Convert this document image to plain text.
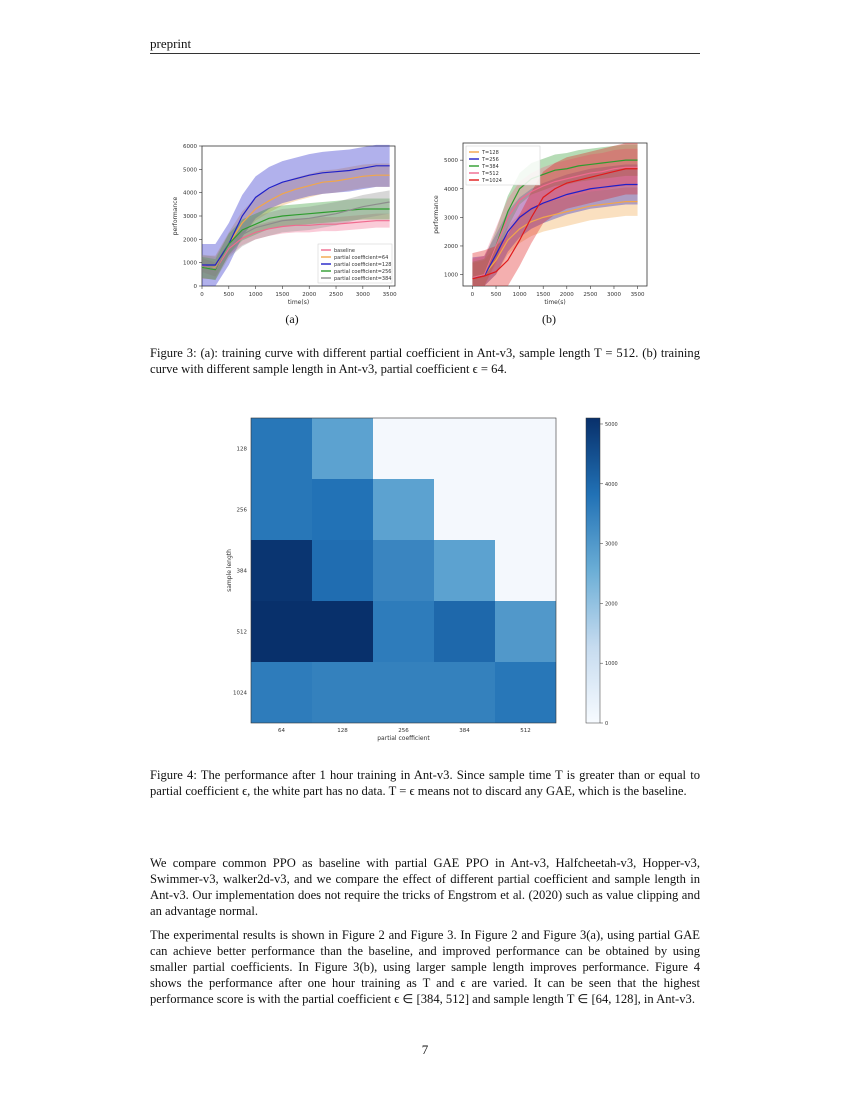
preprint
0	500	1000 1500 2000 2500 3000 3500
0
1000
2000
3000
4000
5000
6000
time(s)
performance
baseline
partial coefficient=64
partial coefficient=128
partial coefficient=256
partial coefficient=384
(a)
0	500 1000 1500 2000 2500 3000 3500
1000
2000
3000
4000
5000
time(s)
performance
T=128
T=256
T=384
T=512
T=1024
(b)
Figure 3: (a): training curve with different partial coefficient in Ant-v3, sample length T = 512. (b) training curve with different sample length in Ant-v3, partial coefficient ϵ = 64.
64	128	256	384	512
128
256
384
512
1024
partial coefficient
sample length
0
1000
2000
3000
4000
5000
Figure 4: The performance after 1 hour training in Ant-v3. Since sample time T is greater than or equal to partial coefficient ϵ, the white part has no data. T = ϵ means not to discard any GAE, which is the baseline.
We compare common PPO as baseline with partial GAE PPO in Ant-v3, Halfcheetah-v3, Hopper-v3, Swimmer-v3, walker2d-v3, and we compare the effect of different partial coefficient and sample length in Ant-v3. Our implementation does not require the tricks of Engstrom et al. (2020) such as value clipping and an advantage normal.
The experimental results is shown in Figure 2 and Figure 3. In Figure 2 and Figure 3(a), using partial GAE can achieve better performance than the baseline, and improved performance can be obtained by using smaller partial coefficients. In Figure 3(b), using larger sample length improves performance. Figure 4 shows the performance after one hour training as T and ϵ are varied. It can be seen that the highest performance score is with the partial coefficient ϵ ∈ [384, 512] and sample length T ∈ [64, 128], in Ant-v3.
7
